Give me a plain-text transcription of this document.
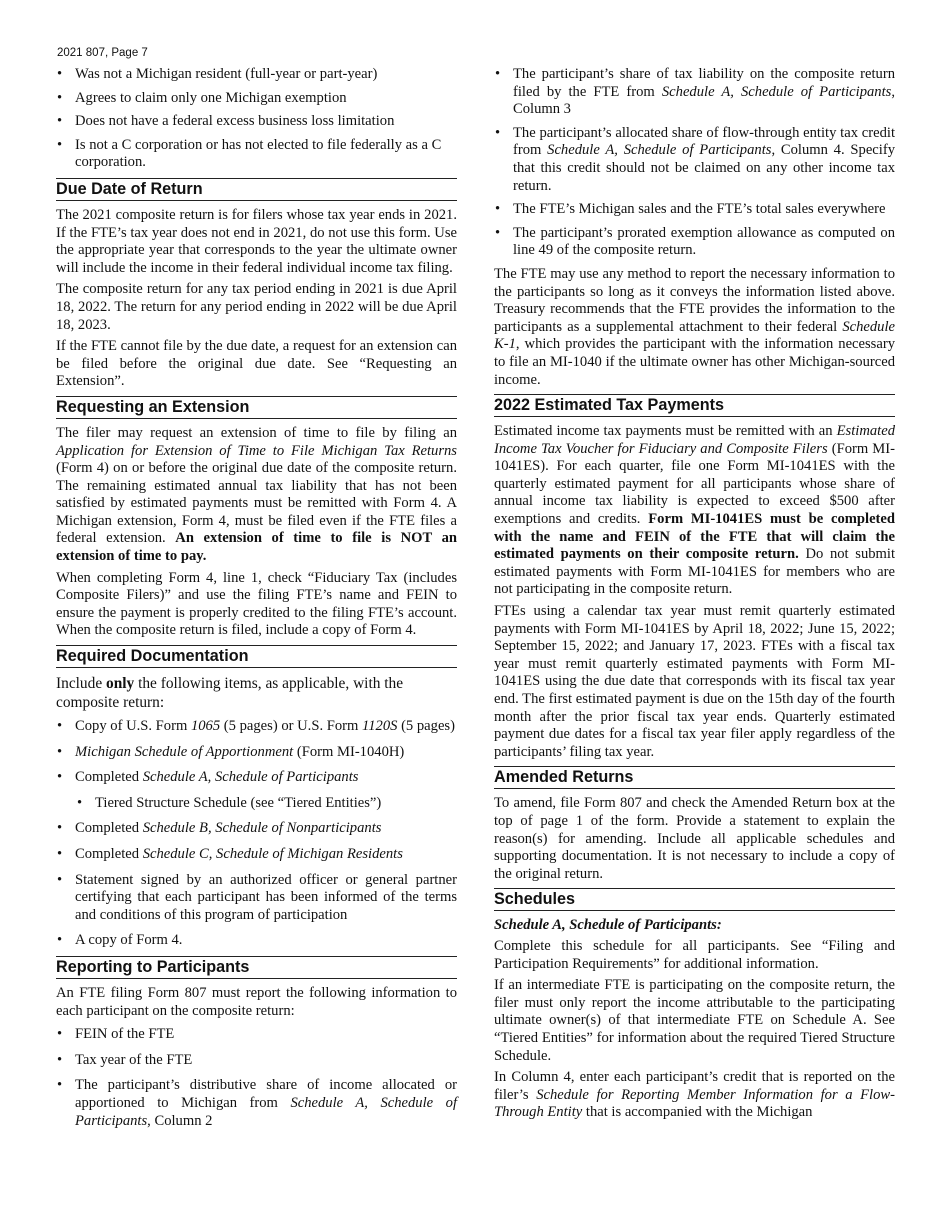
2021 807, Page 7
• Was not a Michigan resident (full-year or part-year)
• Agrees to claim only one Michigan exemption
• Does not have a federal excess business loss limitation
• Is not a C corporation or has not elected to file federally as a C corporation.
Due Date of Return

The 2021 composite return is for filers whose tax year ends in 2021. If the FTE’s tax year does not end in 2021, do not use this form. Use the appropriate year that corresponds to the year the ultimate owner will include the income in their federal individual income tax filing.

The composite return for any tax period ending in 2021 is due April 18, 2022. The return for any period ending in 2022 will be due April 18, 2023.

If the FTE cannot file by the due date, a request for an extension can be filed before the original due date. See “Requesting an Extension”.

Requesting an Extension

The filer may request an extension of time to file by filing an Application for Extension of Time to File Michigan Tax Returns (Form 4) on or before the original due date of the composite return. The remaining estimated annual tax liability that has not been satisfied by estimated payments must be remitted with Form 4. A Michigan extension, Form 4, must be filed even if the FTE files a federal extension. An extension of time to file is NOT an extension of time to pay.

When completing Form 4, line 1, check “Fiduciary Tax (includes Composite Filers)” and use the filing FTE’s name and FEIN to ensure the payment is properly credited to the filing FTE’s account. When the composite return is filed, include a copy of Form 4.

Required Documentation

Include only the following items, as applicable, with the composite return:

• Copy of U.S. Form 1065 (5 pages) or U.S. Form 1120S (5 pages)
• Michigan Schedule of Apportionment (Form MI-1040H)
• Completed Schedule A, Schedule of Participants
• Tiered Structure Schedule (see “Tiered Entities”)
• Completed Schedule B, Schedule of Nonparticipants
• Completed Schedule C, Schedule of Michigan Residents
• Statement signed by an authorized officer or general partner certifying that each participant has been informed of the terms and conditions of this program of participation
• A copy of Form 4.
Reporting to Participants

An FTE filing Form 807 must report the following information to each participant on the composite return:

• FEIN of the FTE
• Tax year of the FTE
• The participant’s distributive share of income allocated or apportioned to Michigan from Schedule A, Schedule of Participants, Column 2
• The participant’s share of tax liability on the composite return filed by the FTE from Schedule A, Schedule of Participants, Column 3
• The participant’s allocated share of flow-through entity tax credit from Schedule A, Schedule of Participants, Column 4. Specify that this credit should not be claimed on any other income tax return.
• The FTE’s Michigan sales and the FTE’s total sales everywhere
• The participant’s prorated exemption allowance as computed on line 49 of the composite return.

The FTE may use any method to report the necessary information to the participants so long as it conveys the information listed above. Treasury recommends that the FTE provides the information to the participants as a supplemental attachment to their federal Schedule K-1, which provides the participant with the information necessary to file an MI-1040 if the ultimate owner has other Michigan-sourced income.

2022 Estimated Tax Payments

Estimated income tax payments must be remitted with an Estimated Income Tax Voucher for Fiduciary and Composite Filers (Form MI-1041ES). For each quarter, file one Form MI-1041ES with the quarterly estimated payment for all participants whose share of annual income tax liability is expected to exceed $500 after exemptions and credits. Form MI-1041ES must be completed with the name and FEIN of the FTE that will claim the estimated payments on their composite return. Do not submit estimated payments with Form MI-1041ES for members who are not participating in the composite return.

FTEs using a calendar tax year must remit quarterly estimated payments with Form MI-1041ES by April 18, 2022; June 15, 2022; September 15, 2022; and January 17, 2023. FTEs with a fiscal tax year must remit quarterly estimated payments with Form MI-1041ES using the due date that corresponds with its fiscal tax year end. The first estimated payment is due on the 15th day of the fourth month after the prior fiscal tax year ends. Quarterly estimated payment due dates for a fiscal tax year filer apply regardless of the participants’ filing tax year.

Amended Returns

To amend, file Form 807 and check the Amended Return box at the top of page 1 of the form. Provide a statement to explain the reason(s) for amending. Include all applicable schedules and supporting documentation. It is not necessary to include a copy of the original return.

Schedules
Schedule A, Schedule of Participants:

Complete this schedule for all participants. See “Filing and Participation Requirements” for additional information.

If an intermediate FTE is participating on the composite return, the filer must only report the income attributable to the participating ultimate owner(s) of that intermediate FTE on Schedule A. See “Tiered Entities” for information about the required Tiered Structure Schedule.

In Column 4, enter each participant’s credit that is reported on the filer’s Schedule for Reporting Member Information for a Flow-Through Entity that is accompanied with the Michigan
